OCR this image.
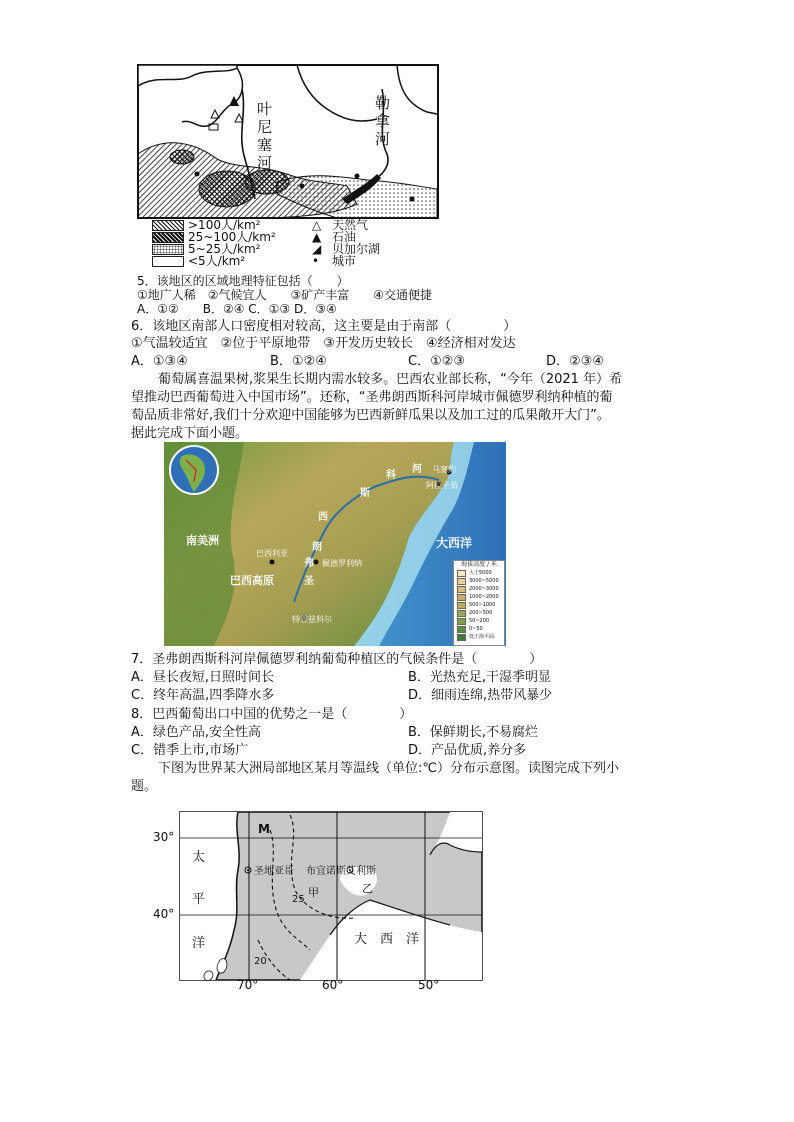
叶
尼
塞
河
勒
拿
河
>100人/km²
25~100人/km²
5~25人/km²
<5人/km²
△ 天然气
▲ 石油
◢ 贝加尔湖
• 城市
5．该地区的区域地理特征包括（　　）
①地广人稀　②气候宜人　　③矿产丰富　　④交通便捷
A．①②　　B．②④ C．①③ D．③④
6．该地区南部人口密度相对较高，这主要是由于南部（　　　　）
①气温较适宜　②位于平原地带　③开发历史较长　④经济相对发达
A．①③④	B．①②④	C．①②③	D．②③④
葡萄属喜温果树,浆果生长期内需水较多。巴西农业部长称，“今年（2021 年）希
望推动巴西葡萄进入中国市场”。还称，“圣弗朗西斯科河岸城市佩德罗利纳种植的葡
萄品质非常好,我们十分欢迎中国能够为巴西新鲜瓜果以及加工过的瓜果敞开大门”。
据此完成下面小题。
南美洲
巴西高原
大西洋
斯
科
河
西
朗
弗
圣
巴西利亚
佩德罗利纳
马塞约
阿拉卡茹
特普兹科尔
海拔高度 / 米
大于5000
3000~5000
2000~3000
1000~2000
500~1000
200~500
50~200
0~50
低于海平面
7．圣弗朗西斯科河岸佩德罗利纳葡萄种植区的气候条件是（　　　　）
A．昼长夜短,日照时间长	B．光热充足,干湿季明显
C．终年高温,四季降水多	D．细雨连绵,热带风暴少
8．巴西葡萄出口中国的优势之一是（　　　　）
A．绿色产品,安全性高	B．保鲜期长,不易腐烂
C．错季上市,市场广	D．产品优质,养分多
下图为世界某大洲局部地区某月等温线（单位:℃）分布示意图。读图完成下列小
题。
30°
40°
70°	60°	50°
太
平
洋	大　西　洋
M
圣地亚哥 布宜诺斯艾利斯
甲	乙
25
20
